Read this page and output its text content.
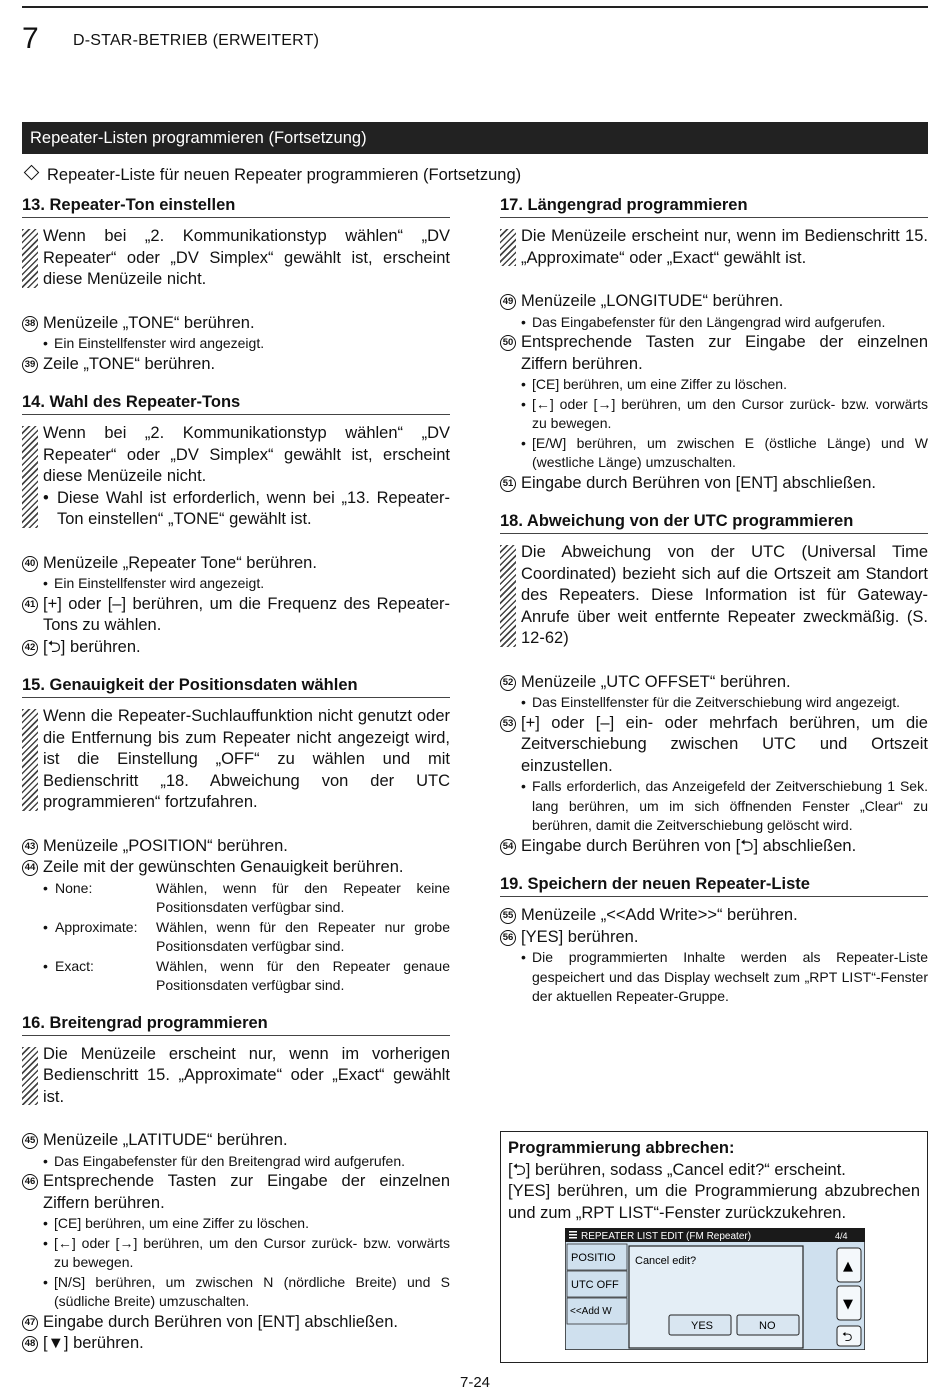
7 D-STAR-BETRIEB (ERWEITERT)
Repeater-Listen programmieren (Fortsetzung)
Repeater-Liste für neuen Repeater programmieren (Fortsetzung)
13. Repeater-Ton einstellen
Wenn bei „2. Kommunikationstyp wählen“ „DV Repeater“ oder „DV Simplex“ gewählt ist, erscheint diese Menüzeile nicht.
38 Menüzeile „TONE“ berühren.
• Ein Einstellfenster wird angezeigt.
39 Zeile „TONE“ berühren.
14. Wahl des Repeater-Tons
Wenn bei „2. Kommunikationstyp wählen“ „DV Repeater“ oder „DV Simplex“ gewählt ist, erscheint diese Menüzeile nicht.
• Diese Wahl ist erforderlich, wenn bei „13. Repeater-Ton einstellen“ „TONE“ gewählt ist.
40 Menüzeile „Repeater Tone“ berühren.
• Ein Einstellfenster wird angezeigt.
41 [+] oder [–] berühren, um die Frequenz des Repeater-Tons zu wählen.
42 [⮌] berühren.
15. Genauigkeit der Positionsdaten wählen
Wenn die Repeater-Suchlauffunktion nicht genutzt oder die Entfernung bis zum Repeater nicht angezeigt wird, ist die Einstellung „OFF“ zu wählen und mit Bedienschritt „18. Abweichung von der UTC programmieren“ fortzufahren.
43 Menüzeile „POSITION“ berühren.
44 Zeile mit der gewünschten Genauigkeit berühren.
• None:	Wählen, wenn für den Repeater keine Positionsdaten verfügbar sind.
• Approximate:	Wählen, wenn für den Repeater nur grobe Positionsdaten verfügbar sind.
• Exact:	Wählen, wenn für den Repeater genaue Positionsdaten verfügbar sind.
16. Breitengrad programmieren
Die Menüzeile erscheint nur, wenn im vorherigen Bedienschritt 15. „Approximate“ oder „Exact“ gewählt ist.
45 Menüzeile „LATITUDE“ berühren.
• Das Eingabefenster für den Breitengrad wird aufgerufen.
46 Entsprechende Tasten zur Eingabe der einzelnen Ziffern berühren.
• [CE] berühren, um eine Ziffer zu löschen.
• [←] oder [→] berühren, um den Cursor zurück- bzw. vorwärts zu bewegen.
• [N/S] berühren, um zwischen N (nördliche Breite) und S (südliche Breite) umzuschalten.
47 Eingabe durch Berühren von [ENT] abschließen.
48 [▼] berühren.
17. Längengrad programmieren
Die Menüzeile erscheint nur, wenn im Bedienschritt 15. „Approximate“ oder „Exact“ gewählt ist.
49 Menüzeile „LONGITUDE“ berühren.
• Das Eingabefenster für den Längengrad wird aufgerufen.
50 Entsprechende Tasten zur Eingabe der einzelnen Ziffern berühren.
• [CE] berühren, um eine Ziffer zu löschen.
• [←] oder [→] berühren, um den Cursor zurück- bzw. vorwärts zu bewegen.
• [E/W] berühren, um zwischen E (östliche Länge) und W (westliche Länge) umzuschalten.
51 Eingabe durch Berühren von [ENT] abschließen.
18. Abweichung von der UTC programmieren
Die Abweichung von der UTC (Universal Time Coordinated) bezieht sich auf die Ortszeit am Standort des Repeaters. Diese Information ist für Gateway-Anrufe über weit entfernte Repeater zweckmäßig. (S. 12-62)
52 Menüzeile „UTC OFFSET“ berühren.
• Das Einstellfenster für die Zeitverschiebung wird angezeigt.
53 [+] oder [–] ein- oder mehrfach berühren, um die Zeitverschiebung zwischen UTC und Ortszeit einzustellen.
• Falls erforderlich, das Anzeigefeld der Zeitverschiebung 1 Sek. lang berühren, um im sich öffnenden Fenster „Clear“ zu berühren, damit die Zeitverschiebung gelöscht wird.
54 Eingabe durch Berühren von [⮌] abschließen.
19. Speichern der neuen Repeater-Liste
55 Menüzeile „<<Add Write>>“ berühren.
56 [YES] berühren.
• Die programmierten Inhalte werden als Repeater-Liste gespeichert und das Display wechselt zum „RPT LIST“-Fenster der aktuellen Repeater-Gruppe.
Programmierung abbrechen:
[⮌] berühren, sodass „Cancel edit?“ erscheint.
[YES] berühren, um die Programmierung abzubrechen und zum „RPT LIST“-Fenster zurückzukehren.
REPEATER LIST EDIT (FM Repeater)	4/4
POSITIO
UTC OFF
<<Add W
Cancel edit?
YES	NO
▲
▼
⮌
7-24
